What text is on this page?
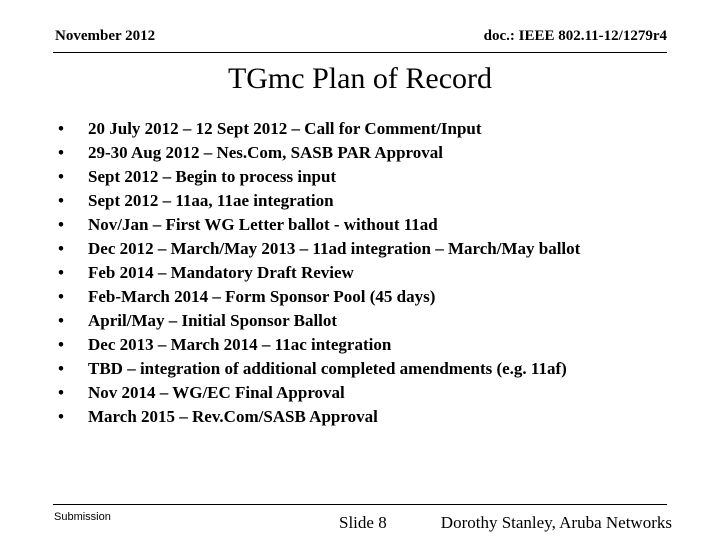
November 2012	doc.: IEEE 802.11-12/1279r4
TGmc Plan of Record
•	20 July 2012 – 12 Sept 2012 – Call for Comment/Input
•	29-30 Aug 2012 – Nes.Com, SASB PAR Approval
•	Sept 2012 – Begin to process input
•	Sept 2012 – 11aa, 11ae integration
•	Nov/Jan – First WG Letter ballot - without 11ad
•	Dec 2012 – March/May 2013 – 11ad integration – March/May ballot
•	Feb 2014 – Mandatory Draft Review
•	Feb-March 2014 – Form Sponsor Pool (45 days)
•	April/May – Initial Sponsor Ballot
•	Dec 2013 – March 2014 – 11ac integration
•	TBD – integration of additional completed amendments (e.g. 11af)
•	Nov 2014 – WG/EC Final Approval
•	March 2015 – Rev.Com/SASB Approval
Submission	Slide 8	Dorothy Stanley, Aruba Networks
